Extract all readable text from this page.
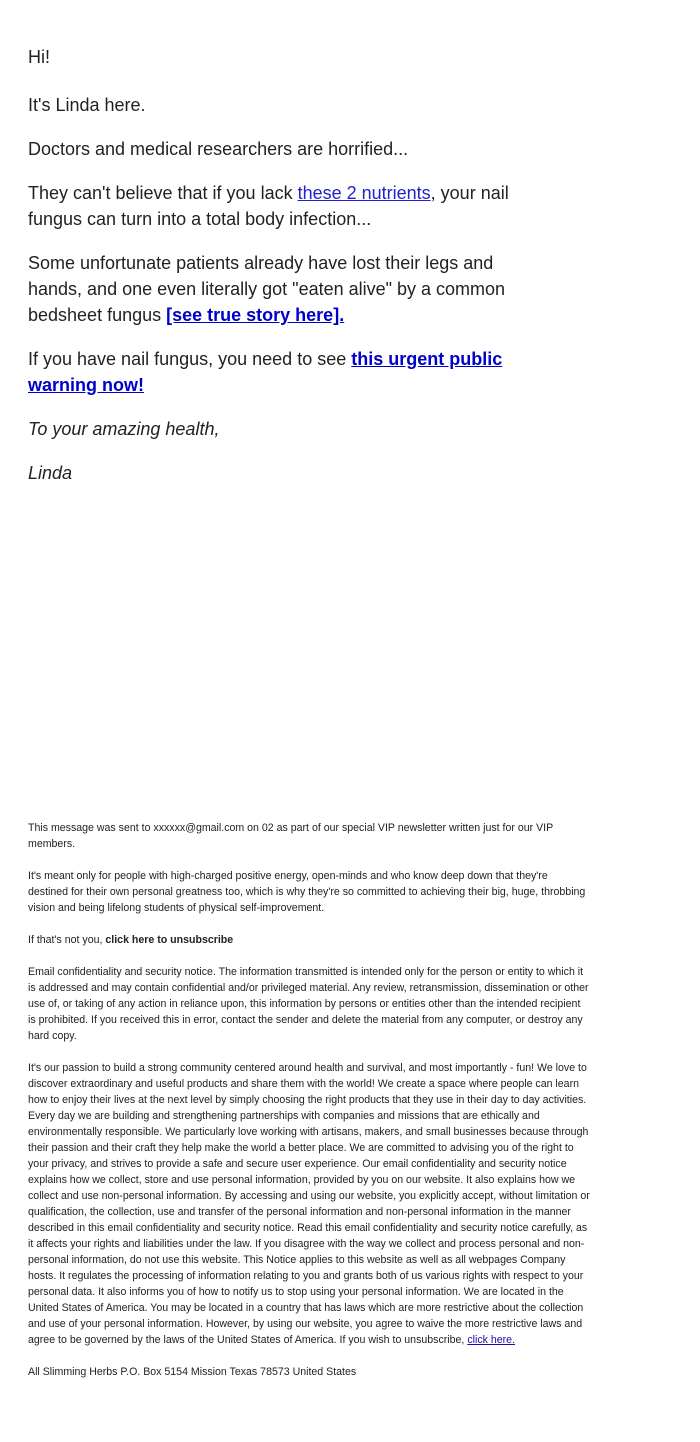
Hi!

It's Linda here.

Doctors and medical researchers are horrified...

They can't believe that if you lack these 2 nutrients, your nail fungus can turn into a total body infection...

Some unfortunate patients already have lost their legs and hands, and one even literally got "eaten alive" by a common bedsheet fungus [see true story here].

If you have nail fungus, you need to see this urgent public warning now!

To your amazing health,

Linda

This message was sent to xxxxxx@gmail.com on 02 as part of our special VIP newsletter written just for our VIP members.

It's meant only for people with high-charged positive energy, open-minds and who know deep down that they're destined for their own personal greatness too, which is why they're so committed to achieving their big, huge, throbbing vision and being lifelong students of physical self-improvement.

If that's not you, click here to unsubscribe

Email confidentiality and security notice. The information transmitted is intended only for the person or entity to which it is addressed and may contain confidential and/or privileged material. Any review, retransmission, dissemination or other use of, or taking of any action in reliance upon, this information by persons or entities other than the intended recipient is prohibited. If you received this in error, contact the sender and delete the material from any computer, or destroy any hard copy.

It's our passion to build a strong community centered around health and survival, and most importantly - fun! We love to discover extraordinary and useful products and share them with the world! We create a space where people can learn how to enjoy their lives at the next level by simply choosing the right products that they use in their day to day activities. Every day we are building and strengthening partnerships with companies and missions that are ethically and environmentally responsible. We particularly love working with artisans, makers, and small businesses because through their passion and their craft they help make the world a better place. We are committed to advising you of the right to your privacy, and strives to provide a safe and secure user experience. Our email confidentiality and security notice explains how we collect, store and use personal information, provided by you on our website. It also explains how we collect and use non-personal information. By accessing and using our website, you explicitly accept, without limitation or qualification, the collection, use and transfer of the personal information and non-personal information in the manner described in this email confidentiality and security notice. Read this email confidentiality and security notice carefully, as it affects your rights and liabilities under the law. If you disagree with the way we collect and process personal and non-personal information, do not use this website. This Notice applies to this website as well as all webpages Company hosts. It regulates the processing of information relating to you and grants both of us various rights with respect to your personal data. It also informs you of how to notify us to stop using your personal information. We are located in the United States of America. You may be located in a country that has laws which are more restrictive about the collection and use of your personal information. However, by using our website, you agree to waive the more restrictive laws and agree to be governed by the laws of the United States of America. If you wish to unsubscribe, click here.

All Slimming Herbs P.O. Box 5154 Mission Texas 78573 United States
